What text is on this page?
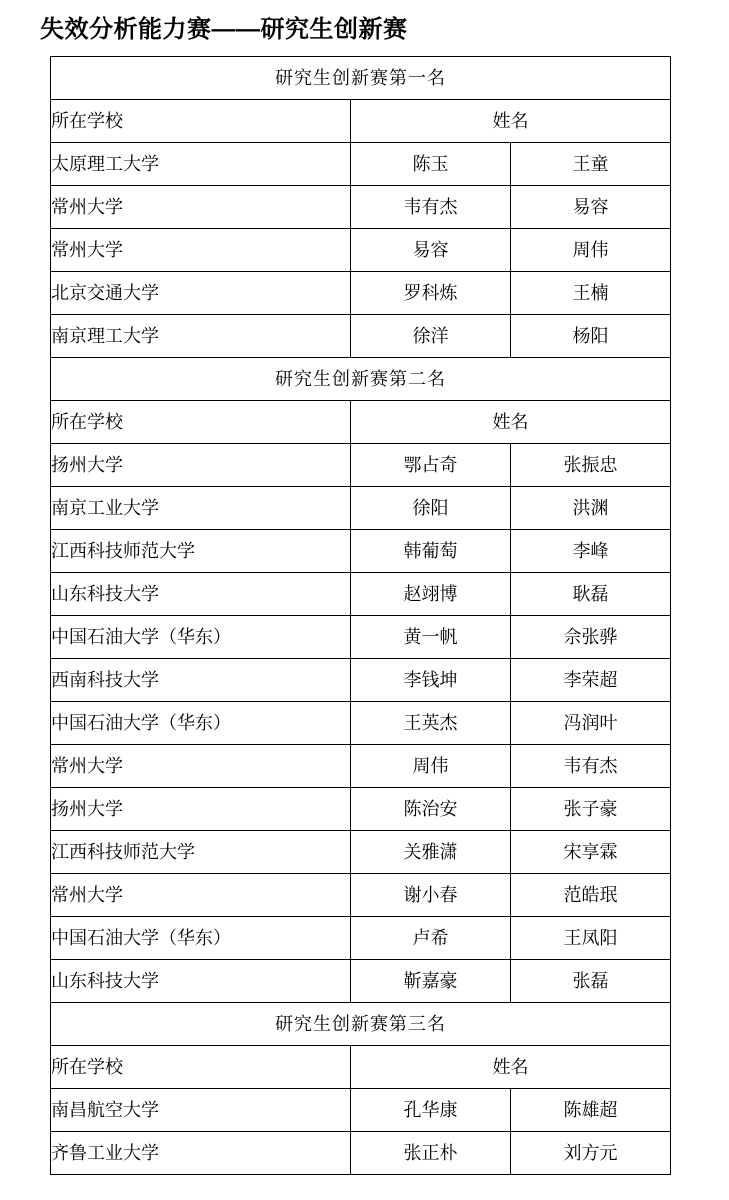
失效分析能力赛——研究生创新赛
研究生创新赛第一名		
所在学校	姓名	
太原理工大学	陈玉	王童
常州大学	韦有杰	易容
常州大学	易容	周伟
北京交通大学	罗科炼	王楠
南京理工大学	徐洋	杨阳
研究生创新赛第二名		
所在学校	姓名	
扬州大学	鄂占奇	张振忠
南京工业大学	徐阳	洪渊
江西科技师范大学	韩葡萄	李峰
山东科技大学	赵翊博	耿磊
中国石油大学（华东）	黄一帆	佘张骅
西南科技大学	李钱坤	李荣超
中国石油大学（华东）	王英杰	冯润叶
常州大学	周伟	韦有杰
扬州大学	陈治安	张子豪
江西科技师范大学	关雅潇	宋享霖
常州大学	谢小春	范皓珉
中国石油大学（华东）	卢希	王凤阳
山东科技大学	靳嘉豪	张磊
研究生创新赛第三名		
所在学校	姓名	
南昌航空大学	孔华康	陈雄超
齐鲁工业大学	张正朴	刘方元
